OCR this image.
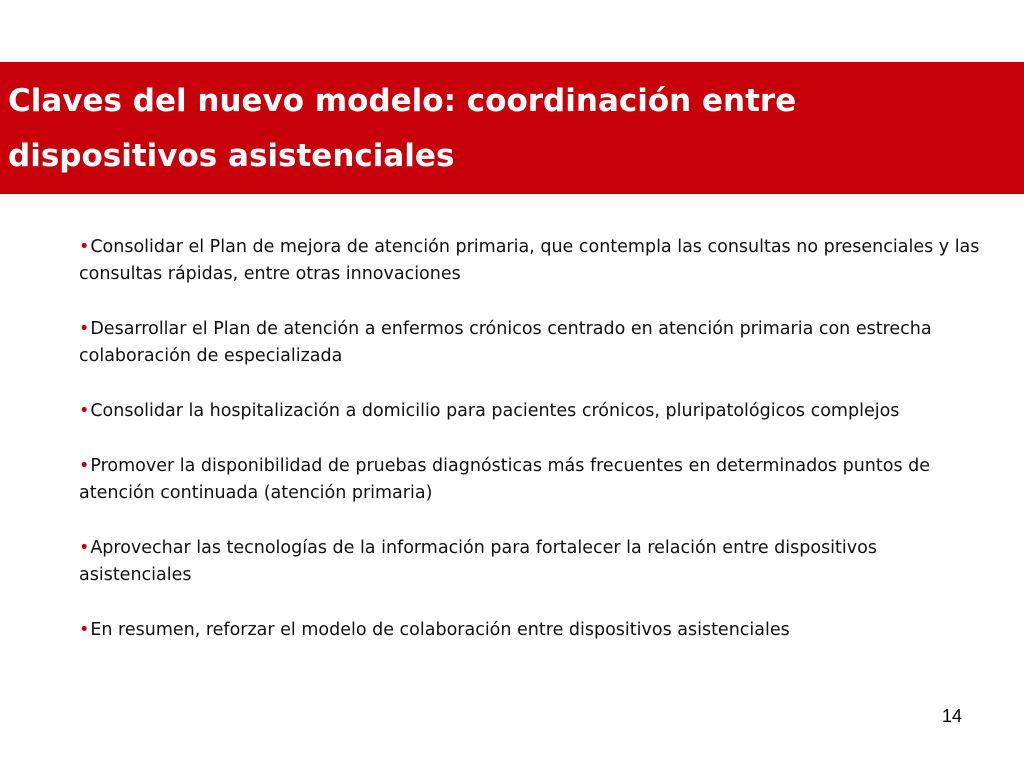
Claves del nuevo modelo: coordinación entre dispositivos asistenciales
•Consolidar el Plan de mejora de atención primaria, que contempla las consultas no presenciales y las consultas rápidas, entre otras innovaciones
•Desarrollar el Plan de atención a enfermos crónicos centrado en atención primaria con estrecha colaboración de especializada
•Consolidar la hospitalización a domicilio para pacientes crónicos, pluripatológicos complejos
•Promover la disponibilidad de pruebas diagnósticas más frecuentes en determinados puntos de atención continuada (atención primaria)
•Aprovechar las tecnologías de la información para fortalecer la relación entre dispositivos asistenciales
•En resumen, reforzar el modelo de colaboración entre dispositivos asistenciales
14
